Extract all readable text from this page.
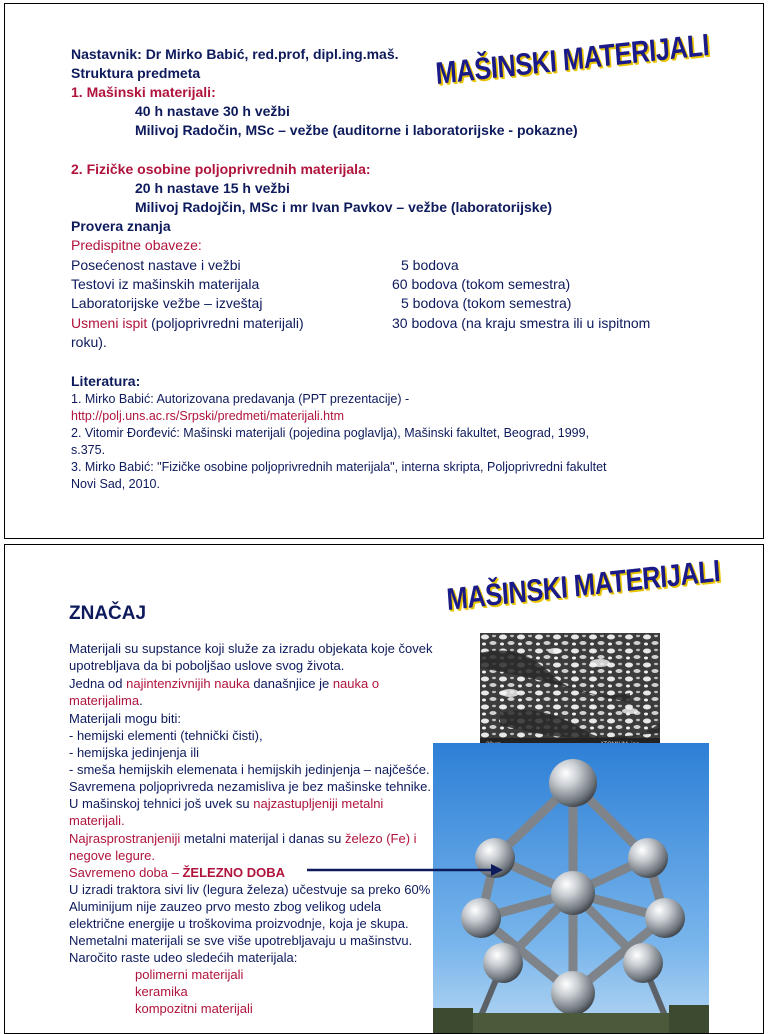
MAŠINSKI MATERIJALI
Nastavnik: Dr Mirko Babić, red.prof, dipl.ing.maš.
Struktura predmeta
1. Mašinski materijali:
40 h nastave 30 h vežbi
Milivoj Radočin, MSc – vežbe (auditorne i laboratorijske - pokazne)
2. Fizičke osobine poljoprivrednih materijala:
20 h nastave 15 h vežbi
Milivoj Radojčin, MSc i mr Ivan Pavkov – vežbe (laboratorijske)
Provera znanja
Predispitne obaveze:
Posećenost nastave i vežbi	5 bodova
Testovi iz mašinskih materijala	60 bodova (tokom semestra)
Laboratorijske vežbe – izveštaj	5 bodova (tokom semestra)
Usmeni ispit (poljoprivredni materijali)	30 bodova (na kraju smestra ili u ispitnom
roku).
Literatura:
1. Mirko Babić: Autorizovana predavanja (PPT prezentacije) -
http://polj.uns.ac.rs/Srpski/predmeti/materijali.htm
2. Vitomir Đorđević: Mašinski materijali (pojedina poglavlja), Mašinski fakultet, Beograd, 1999,
s.375.
3. Mirko Babić: "Fizičke osobine poljoprivrednih materijala", interna skripta, Poljoprivredni fakultet
Novi Sad, 2010.
MAŠINSKI MATERIJALI
ZNAČAJ
Materijali su supstance koji služe za izradu objekata koje čovek
upotrebljava da bi poboljšao uslove svog života.
Jedna od najintenzivnijih nauka današnjice je nauka o
materijalima.
Materijali mogu biti:
- hemijski elementi (tehnički čisti),
- hemijska jedinjenja ili
- smeša hemijskih elemenata i hemijskih jedinjenja – najčešće.
Savremena poljoprivreda nezamisliva je bez mašinske tehnike.
U mašinskoj tehnici još uvek su najzastupljeniji metalni
materijali.
Najrasprostranjeniji metalni materijal i danas su železo (Fe) i
negove legure.
Savremeno doba – ŽELEZNO DOBA
U izradi traktora sivi liv (legura železa) učestvuje sa preko 60%
Aluminijum nije zauzeo prvo mesto zbog velikog udela
električne energije u troškovima proizvodnje, koja je skupa.
Nemetalni materijali se sve više upotrebljavaju u mašinstvu.
Naročito raste udeo sledećih materijala:
polimerni materijali
keramika
kompozitni materijali
